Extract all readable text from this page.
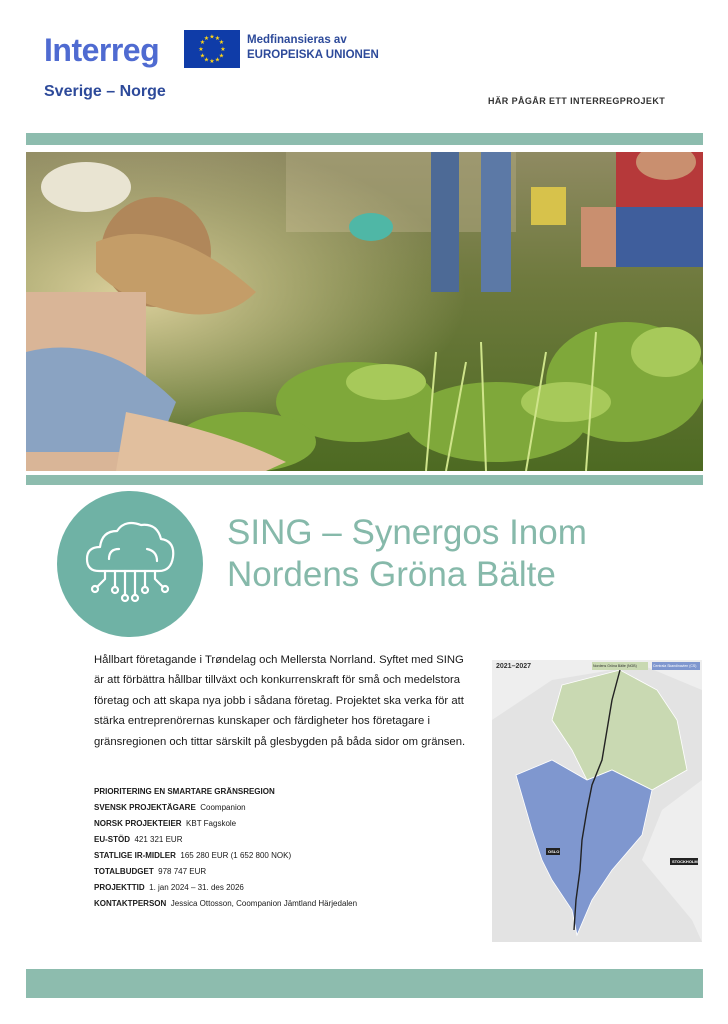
Interreg
Sverige – Norge
★ ★
★
★
★
★
★
★
★
★
★
★	Medfinansieras av
EUROPEISKA UNIONEN
HÄR PÅGÅR ETT INTERREGPROJEKT
SING – Synergos Inom
Nordens Gröna Bälte
Hållbart företagande i Trøndelag och Mellersta Norrland. Syftet med SING är att förbättra hållbar tillväxt och konkurrenskraft för små och medelstora företag och att skapa nya jobb i sådana företag. Projektet ska verka för att stärka entreprenörernas kunskaper och färdigheter hos företagare i gränsregionen och tittar särskilt på glesbygden på båda sidor om gränsen.
PRIORITERING EN SMARTARE GRÄNSREGION
SVENSK PROJEKTÄGARE Coompanion
NORSK PROJEKTEIER KBT Fagskole
EU-STÖD 421 321 EUR
STATLIGE IR-MIDLER 165 280 EUR (1 652 800 NOK)
TOTALBUDGET 978 747 EUR
PROJEKTTID 1. jan 2024 – 31. des 2026
KONTAKTPERSON Jessica Ottosson, Coompanion Jämtland Härjedalen
2021–2027	Nordens Gröna Bälte (NGB)	Centrala Skandinavien (CS)
OSLO
STOCKHOLM
